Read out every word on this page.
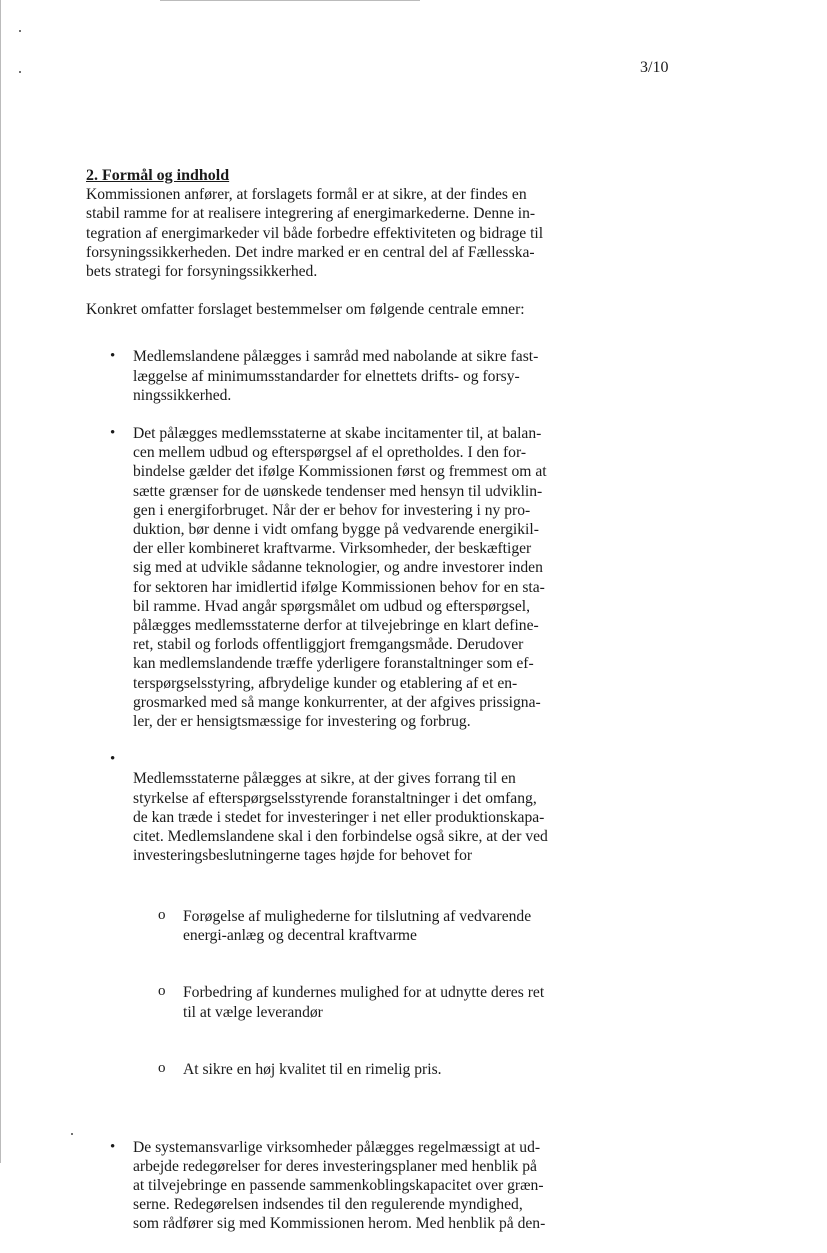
3/10
2. Formål og indhold

Kommissionen anfører, at forslagets formål er at sikre, at der findes en
stabil ramme for at realisere integrering af energimarkederne. Denne in-
tegration af energimarkeder vil både forbedre effektiviteten og bidrage til
forsyningssikkerheden. Det indre marked er en central del af Fællesska-
bets strategi for forsyningssikkerhed.

Konkret omfatter forslaget bestemmelser om følgende centrale emner:

• Medlemslandene pålægges i samråd med nabolande at sikre fast-
læggelse af minimumsstandarder for elnettets drifts- og forsy-
ningssikkerhed.
• Det pålægges medlemsstaterne at skabe incitamenter til, at balan-
cen mellem udbud og efterspørgsel af el opretholdes. I den for-
bindelse gælder det ifølge Kommissionen først og fremmest om at
sætte grænser for de uønskede tendenser med hensyn til udviklin-
gen i energiforbruget. Når der er behov for investering i ny pro-
duktion, bør denne i vidt omfang bygge på vedvarende energikil-
der eller kombineret kraftvarme. Virksomheder, der beskæftiger
sig med at udvikle sådanne teknologier, og andre investorer inden
for sektoren har imidlertid ifølge Kommissionen behov for en sta-
bil ramme. Hvad angår spørgsmålet om udbud og efterspørgsel,
pålægges medlemsstaterne derfor at tilvejebringe en klart define-
ret, stabil og forlods offentliggjort fremgangsmåde. Derudover
kan medlemslandende træffe yderligere foranstaltninger som ef-
terspørgselsstyring, afbrydelige kunder og etablering af et en-
grosmarked med så mange konkurrenter, at der afgives prissigna-
ler, der er hensigtsmæssige for investering og forbrug.

• Medlemsstaterne pålægges at sikre, at der gives forrang til en
styrkelse af efterspørgselsstyrende foranstaltninger i det omfang,
de kan træde i stedet for investeringer i net eller produktionskapa-
citet. Medlemslandene skal i den forbindelse også sikre, at der ved
investeringsbeslutningerne tages højde for behovet for

o Forøgelse af mulighederne for tilslutning af vedvarende
energi-anlæg og decentral kraftvarme

o Forbedring af kundernes mulighed for at udnytte deres ret
til at vælge leverandør

o At sikre en høj kvalitet til en rimelig pris.

• De systemansvarlige virksomheder pålægges regelmæssigt at ud-
arbejde redegørelser for deres investeringsplaner med henblik på
at tilvejebringe en passende sammenkoblingskapacitet over græn-
serne. Redegørelsen indsendes til den regulerende myndighed,
som rådfører sig med Kommissionen herom. Med henblik på den-
